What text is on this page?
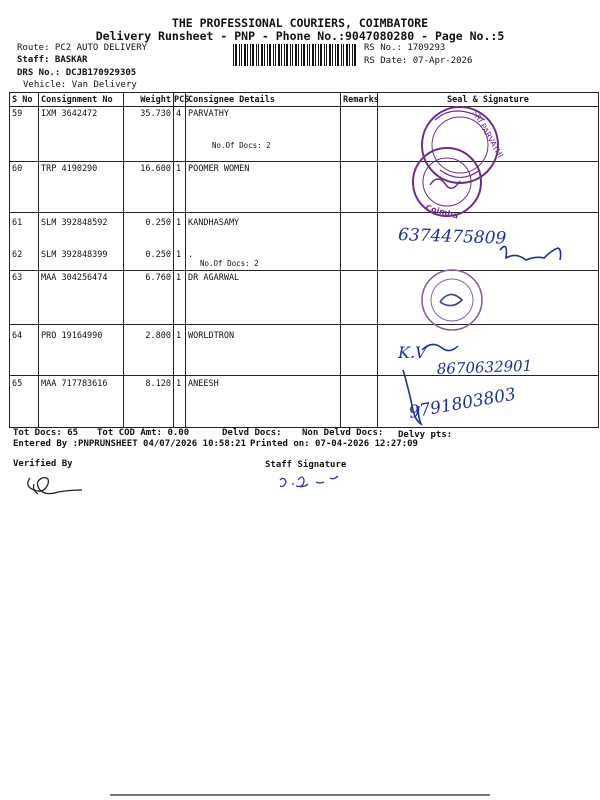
THE PROFESSIONAL COURIERS, COIMBATORE
Delivery Runsheet - PNP - Phone No.:9047080280 - Page No.:5
Route: PC2 AUTO DELIVERY
Staff: BASKAR
DRS No.: DCJB170929305
Vehicle: Van Delivery
RS No.: 1709293
RS Date: 07-Apr-2026
S No	Consignment No	Weight	PCS	Consignee Details	Remarks	Seal & Signature
59	IXM 3642472	35.730	4	PARVATHY
No.Of Docs: 2		

60	TRP 4190290	16.600	1	POOMER WOMEN		
61	SLM 392848592	0.250	1	KANDHASAMY		
62	SLM 392848399	0.250	1	.
No.Of Docs: 2		

63	MAA 304256474	6.760	1	DR AGARWAL		
64	PRO 19164990	2.800	1	WORLDTRON		
65	MAA 717783616	8.120	1	ANEESH		
Tot Docs: 65 Tot COD Amt: 0.00	Delvd Docs: Non Delvd Docs: Delvy pts:
Entered By :PNPRUNSHEET 04/07/2026 10:58:21 Printed on: 07-04-2026 12:27:09
Verified By	Staff Signature
SRI PARVATHI
Coimba
6374475809
8670632901
K.V
9791803803
